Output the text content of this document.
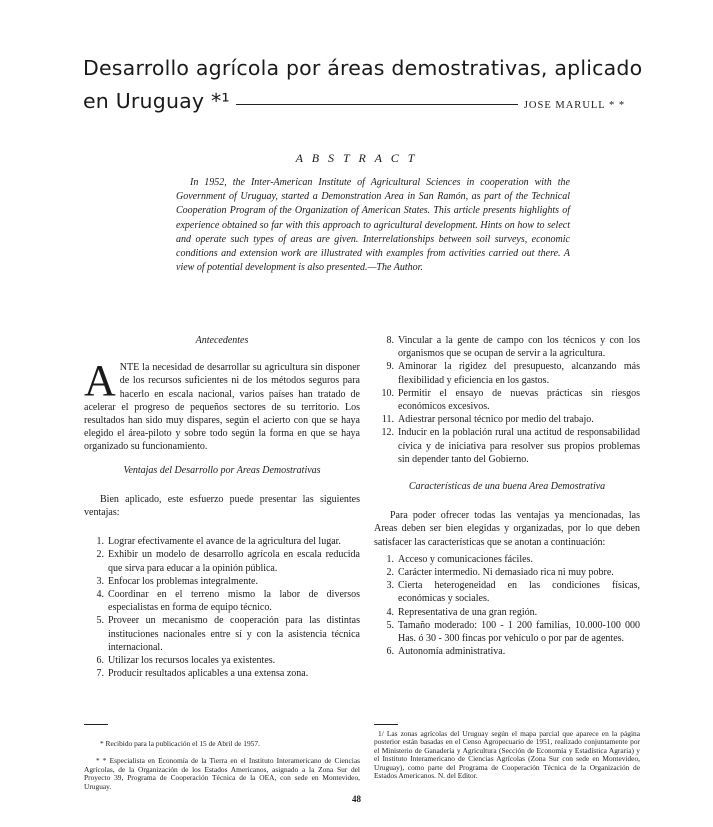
Desarrollo agrícola por áreas demostrativas, aplicado
en Uruguay *¹	JOSE MARULL * *
A B S T R A C T
In 1952, the Inter-American Institute of Agricultural Sciences in cooperation with the Government of Uruguay, started a Demonstration Area in San Ramón, as part of the Technical Cooperation Program of the Organization of American States. This article presents highlights of experience obtained so far with this approach to agricultural development. Hints on how to select and operate such types of areas are given. Interrelationships between soil surveys, economic conditions and extension work are illustrated with examples from activities carried out there. A view of potential development is also presented.—The Author.
Antecedentes

ANTE la necesidad de desarrollar su agricultura sin disponer de los recursos suficientes ni de los métodos seguros para hacerlo en escala nacional, varios países han tratado de acelerar el progreso de pequeños sectores de su territorio. Los resultados han sido muy dispares, según el acierto con que se haya elegido el área-piloto y sobre todo según la forma en que se haya organizado su funcionamiento.

Ventajas del Desarrollo por Areas Demostrativas

Bien aplicado, este esfuerzo puede presentar las siguientes ventajas:

1. Lograr efectivamente el avance de la agricultura del lugar.
2. Exhibir un modelo de desarrollo agrícola en escala reducida que sirva para educar a la opinión pública.
3. Enfocar los problemas integralmente.
4. Coordinar en el terreno mismo la labor de diversos especialistas en forma de equipo técnico.
5. Proveer un mecanismo de cooperación para las distintas instituciones nacionales entre sí y con la asistencia técnica internacional.
6. Utilizar los recursos locales ya existentes.
7. Producir resultados aplicables a una extensa zona.
8. Vincular a la gente de campo con los técnicos y con los organismos que se ocupan de servir a la agricultura.
9. Aminorar la rigidez del presupuesto, alcanzando más flexibilidad y eficiencia en los gastos.
10. Permitir el ensayo de nuevas prácticas sin riesgos económicos excesivos.
11. Adiestrar personal técnico por medio del trabajo.
12. Inducir en la población rural una actitud de responsabilidad cívica y de iniciativa para resolver sus propios problemas sin depender tanto del Gobierno.
Características de una buena Area Demostrativa

Para poder ofrecer todas las ventajas ya mencionadas, las Areas deben ser bien elegidas y organizadas, por lo que deben satisfacer las características que se anotan a continuación:

1. Acceso y comunicaciones fáciles.
2. Carácter intermedio. Ni demasiado rica ni muy pobre.
3. Cierta heterogeneidad en las condiciones físicas, económicas y sociales.
4. Representativa de una gran región.
5. Tamaño moderado: 100 - 1 200 familias, 10.000-100 000 Has. ó 30 - 300 fincas por vehículo o por par de agentes.
6. Autonomía administrativa.
* Recibido para la publicación el 15 de Abril de 1957.
* * Especialista en Economía de la Tierra en el Instituto Interamericano de Ciencias Agrícolas, de la Organización de los Estados Americanos, asignado a la Zona Sur del Proyecto 39, Programa de Cooperación Técnica de la OEA, con sede en Montevideo, Uruguay.
1/ Las zonas agrícolas del Uruguay según el mapa parcial que aparece en la página posterior están basadas en el Censo Agropecuario de 1951, realizado conjuntamente por el Ministerio de Ganadería y Agricultura (Sección de Economía y Estadística Agraria) y el Instituto Interamericano de Ciencias Agrícolas (Zona Sur con sede en Montevideo, Uruguay), como parte del Programa de Cooperación Técnica de la Organización de Estados Americanos. N. del Editor.
48
